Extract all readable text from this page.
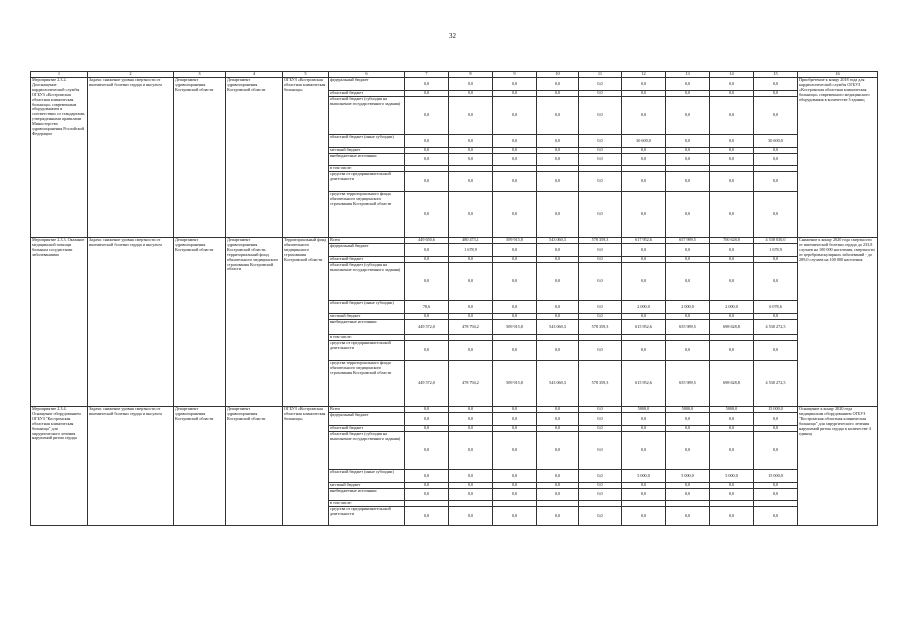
32
1	2	3	4	5	6	7	8	9	10	11	12	13	14	15	16
Мероприятие 2.3.2. Дооснащение кардиологической службы ОГБУЗ «Костромская областная клиническая больница» современным оборудованием в соответствии со стандартами, утвержденными правилами Министерства здравоохранения Российской Федерации	Задача: снижение уровня смертности от ишемической болезни сердца и инсульта	Департамент здравоохранения Костромской области	Департамент здравоохранения Костромской области	ОГБУЗ «Костромская областная клиническая больница»	федеральный бюджет	0,0	0,0	0,0	0,0	0,0	0,0	0,0	0,0	0,0	Приобретение к концу 2018 года для кардиологической службы ОГБУЗ «Костромская областная клиническая больница» современного медицинского оборудования в количестве 3 единиц
					областной бюджет	0,0	0,0	0,0	0,0	0,0	0,0	0,0	0,0	0,0	
					областной бюджет (субсидия на выполнение государственного задания)	0,0	0,0	0,0	0,0	0,0	0,0	0,0	0,0	0,0	
					областной бюджет (иные субсидии)	0,0	0,0	0,0	0,0	0,0	30 600,0	0,0	0,0	30 600,0	
					местный бюджет	0,0	0,0	0,0	0,0	0,0	0,0	0,0	0,0	0,0	
					внебюджетные источники	0,0	0,0	0,0	0,0	0,0	0,0	0,0	0,0	0,0	
					в том числе:										
					средства от предпринимательской деятельности	0,0	0,0	0,0	0,0	0,0	0,0	0,0	0,0	0,0	
					средства территориального фонда обязательного медицинского страхования Костромской области	0,0	0,0	0,0	0,0	0,0	0,0	0,0	0,0	0,0	
Мероприятие 2.3.3. Оказание медицинской помощи больным сосудистыми заболеваниями	Задача: снижение уровня смертности от ишемической болезни сердца и инсульта	Департамент здравоохранения Костромской области	Департамент здравоохранения Костромской области, территориальный фонд обязательного медицинского страхования Костромской области	Территориальный фонд обязательного медицинского страхования Костромской области	Всего	449 650,6	480 473,1	509 915,8	543 060,3	578 359,3	617 952,6	657 989,5	700 628,8	4 538 030,0	Снижение к концу 2020 года смертности от ишемической болезни сердца до 233,8 случаев на 100 000 населения, смертности от цереброваскулярных заболеваний - до 289,0 случаев на 100 000 населения
					федеральный бюджет	0,0	1 678,9	0,0	0,0	0,0	0,0	0,0	0,0	1 678,9	
					областной бюджет	0,0	0,0	0,0	0,0	0,0	0,0	0,0	0,0	0,0	
					областной бюджет (субсидия на выполнение государственного задания)	0,0	0,0	0,0	0,0	0,0	0,0	0,0	0,0	0,0	
					областной бюджет (иные субсидии)	78,6	0,0	0,0	0,0	0,0	2 000,0	2 000,0	2 000,0	6 078,6	
					местный бюджет	0,0	0,0	0,0	0,0	0,0	0,0	0,0	0,0	0,0	
					внебюджетные источники	449 572,0	478 794,2	509 915,8	543 060,3	578 359,3	615 952,6	655 989,5	698 628,8	4 530 272,5	
					в том числе:										
					средства от предпринимательской деятельности	0,0	0,0	0,0	0,0	0,0	0,0	0,0	0,0	0,0	
					средства территориального фонда обязательного медицинского страхования Костромской области	449 572,0	478 794,2	509 915,8	543 060,3	578 359,3	615 952,6	655 989,5	698 628,8	4 530 272,5	
Мероприятие 2.3.4. Оснащение оборудованием ОГБУЗ "Костромская областная клиническая больница" для хирургического лечения нарушений ритма сердца	Задача: снижение уровня смертности от ишемической болезни сердца и инсульта	Департамент здравоохранения Костромской области	Департамент здравоохранения Костромской области	ОГБУЗ «Костромская областная клиническая больница»	Всего	0,0	0,0	0,0	0,0	0,0	5000,0	5000,0	5000,0	15 000,0	Оснащение к концу 2020 года медицинским оборудованием ОГБУЗ "Костромская областная клиническая больница" для хирургического лечения нарушений ритма сердца в количестве 4 единиц
					федеральный бюджет	0,0	0,0	0,0	0,0	0,0	0,0	0,0	0,0	0,0	
					областной бюджет	0,0	0,0	0,0	0,0	0,0	0,0	0,0	0,0	0,0	
					областной бюджет (субсидия на выполнение государственного задания)	0,0	0,0	0,0	0,0	0,0	0,0	0,0	0,0	0,0	
					областной бюджет (иные субсидии)	0,0	0,0	0,0	0,0	0,0	5 000,0	5 000,0	5 000,0	15 000,0	
					местный бюджет	0,0	0,0	0,0	0,0	0,0	0,0	0,0	0,0	0,0	
					внебюджетные источники	0,0	0,0	0,0	0,0	0,0	0,0	0,0	0,0	0,0	
					в том числе:										
					средства от предпринимательской деятельности	0,0	0,0	0,0	0,0	0,0	0,0	0,0	0,0	0,0	
